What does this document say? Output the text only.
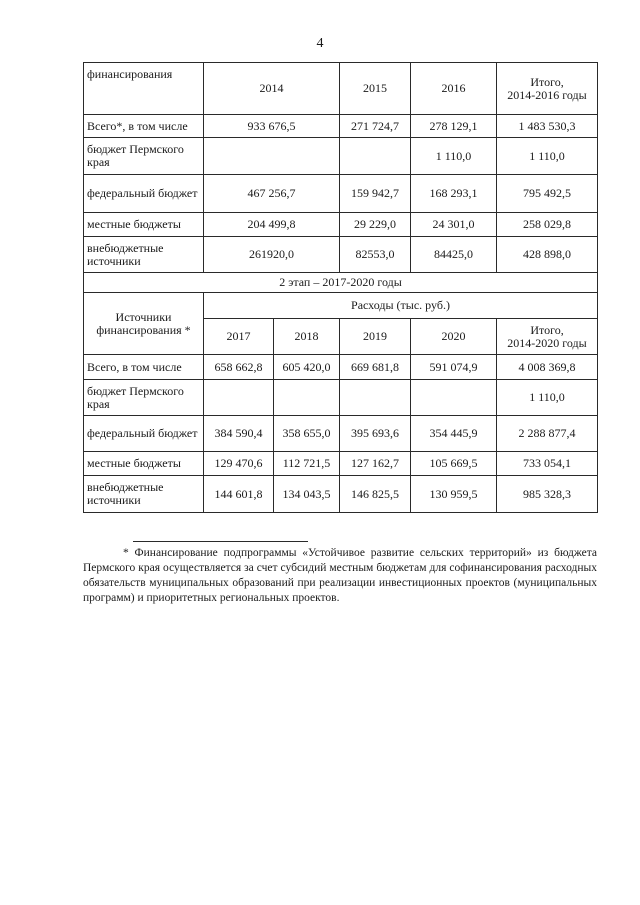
4
финансирования	2014		2015	2016	Итого,
2014-2016 годы

Всего*, в том числе	933 676,5		271 724,7	278 129,1	1 483 530,3
бюджет Пермского края				1 110,0	1 110,0
федеральный бюджет	467 256,7		159 942,7	168 293,1	795 492,5
местные бюджеты	204 499,8		29 229,0	24 301,0	258 029,8
внебюджетные источники	261920,0		82553,0	84425,0	428 898,0
2 этап – 2017-2020 годы					
Источники финансирования *	Расходы (тыс. руб.)				
	2017	2018	2019	2020	Итого,
2014-2020 годы

Всего, в том числе	658 662,8	605 420,0	669 681,8	591 074,9	4 008 369,8
бюджет Пермского края					1 110,0
федеральный бюджет	384 590,4	358 655,0	395 693,6	354 445,9	2 288 877,4
местные бюджеты	129 470,6	112 721,5	127 162,7	105 669,5	733 054,1
внебюджетные источники	144 601,8	134 043,5	146 825,5	130 959,5	985 328,3
* Финансирование подпрограммы «Устойчивое развитие сельских территорий» из бюджета Пермского края осуществляется за счет субсидий местным бюджетам для софинансирования расходных обязательств муниципальных образований при реализации инвестиционных проектов (муниципальных программ) и приоритетных региональных проектов.
